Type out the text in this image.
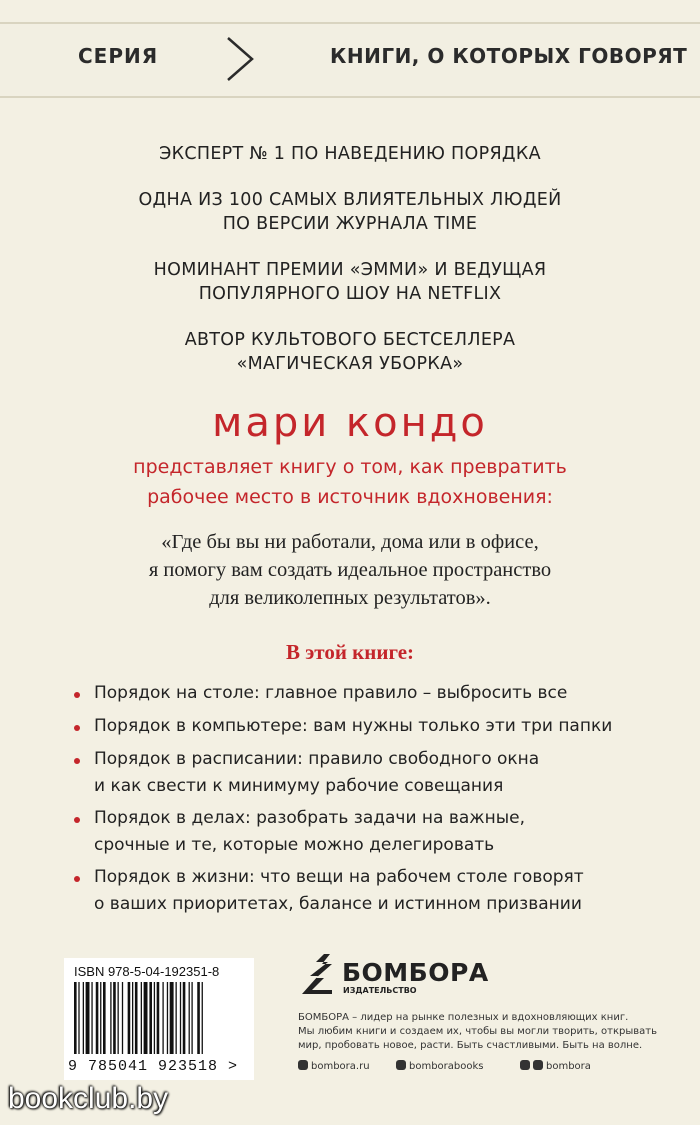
СЕРИЯ	КНИГИ, О КОТОРЫХ ГОВОРЯТ
ЭКСПЕРТ № 1 ПО НАВЕДЕНИЮ ПОРЯДКА
ОДНА ИЗ 100 САМЫХ ВЛИЯТЕЛЬНЫХ ЛЮДЕЙ
ПО ВЕРСИИ ЖУРНАЛА TIME
НОМИНАНТ ПРЕМИИ «ЭММИ» И ВЕДУЩАЯ
ПОПУЛЯРНОГО ШОУ НА NETFLIX
АВТОР КУЛЬТОВОГО БЕСТСЕЛЛЕРА
«МАГИЧЕСКАЯ УБОРКА»
мари кондо
представляет книгу о том, как превратить
рабочее место в источник вдохновения:
«Где бы вы ни работали, дома или в офисе,
я помогу вам создать идеальное пространство
для великолепных результатов».
В этой книге:
Порядок на столе: главное правило – выбросить все
Порядок в компьютере: вам нужны только эти три папки
Порядок в расписании: правило свободного окна
и как свести к минимуму рабочие совещания
Порядок в делах: разобрать задачи на важные,
срочные и те, которые можно делегировать
Порядок в жизни: что вещи на рабочем столе говорят
о ваших приоритетах, балансе и истинном призвании
ISBN 978-5-04-192351-8
9 785041 923518 >
БОМБОРА
ИЗДАТЕЛЬСТВО
БОМБОРА – лидер на рынке полезных и вдохновляющих книг.
Мы любим книги и создаем их, чтобы вы могли творить, открывать
мир, пробовать новое, расти. Быть счастливыми. Быть на волне.
bombora.ru	bomborabooks	bombora
bookclub.by
